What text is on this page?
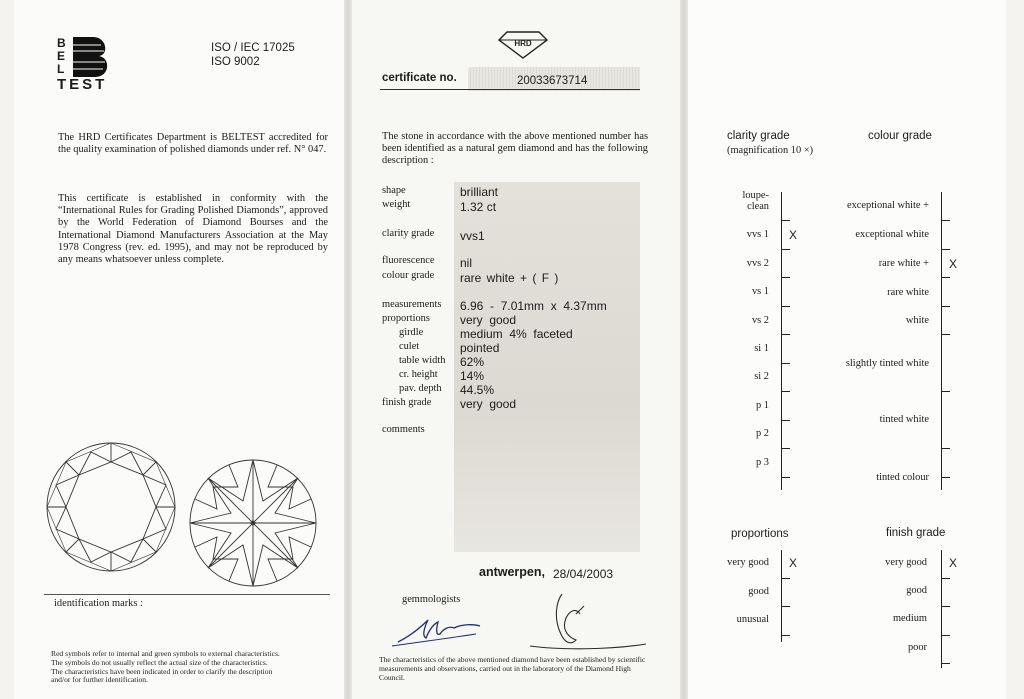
B
E
L
TEST
ISO / IEC 17025
ISO 9002
The HRD Certificates Department is BELTEST accredited for the quality examination of polished diamonds under ref. N° 047.
This certificate is established in conformity with the “International Rules for Grading Polished Diamonds”, approved by the World Federation of Diamond Bourses and the International Diamond Manufacturers Association at the May 1978 Congress (rev. ed. 1995), and may not be reproduced by any means whatsoever unless complete.
identification marks :
Red symbols refer to internal and green symbols to external characteristics.
The symbols do not usually reflect the actual size of the characteristics.
The characteristics have been indicated in order to clarify the description
and/or for further identification.
HRD
certificate no.	20033673714
The stone in accordance with the above mentioned number has been identified as a natural gem diamond and has the following description :
shape	brilliant
weight	1.32 ct
clarity grade vvs1
fluorescence nil
colour grade rare white + ( F )
measurements 6.96  -  7.01mm  x  4.37mm
proportions	very  good
girdle	medium  4%  faceted
culet	pointed
table width 62%
cr. height 14%
pav. depth 44.5%
finish grade very  good
comments
antwerpen, 28/04/2003
gemmologists
The characteristics of the above mentioned diamond have been established by scientific measurements and observations, carried out in the laboratory of the Diamond High Council.
clarity grade
(magnification 10 ×)
colour grade
loupe-
clean
vvs 1 X
vvs 2
vs 1
vs 2
si 1
si 2
p 1
p 2
p 3
exceptional white +
exceptional white
rare white + X
rare white
white
slightly tinted white
tinted white
tinted colour
proportions	finish grade
very good X
good
unusual
very good X
good
medium
poor
